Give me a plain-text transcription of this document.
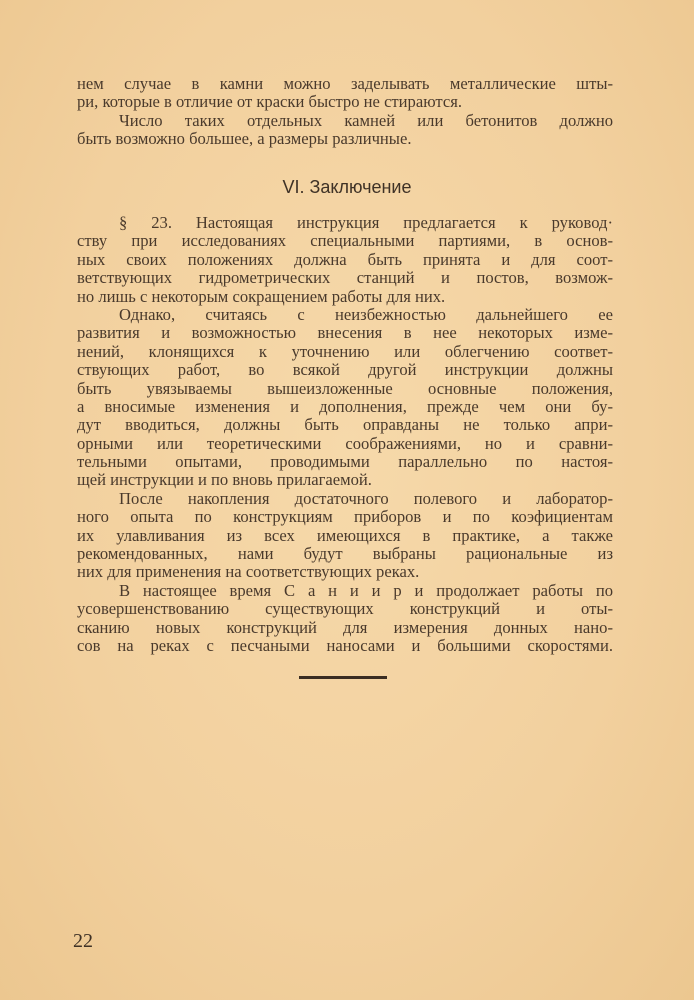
нем случае в камни можно заделывать металлические шты-
ри, которые в отличие от краски быстро не стираются.
Число таких отдельных камней или бетонитов должно
быть возможно большее, а размеры различные.
VI. Заключение
§ 23. Настоящая инструкция предлагается к руковод·
ству при исследованиях специальными партиями, в основ-
ных своих положениях должна быть принята и для соот-
ветствующих гидрометрических станций и постов, возмож-
но лишь с некоторым сокращением работы для них.
Однако, считаясь с неизбежностью дальнейшего ее
развития и возможностью внесения в нее некоторых изме-
нений, клонящихся к уточнению или облегчению соответ-
ствующих работ, во всякой другой инструкции должны
быть увязываемы вышеизложенные основные положения,
а вносимые изменения и дополнения, прежде чем они бу-
дут вводиться, должны быть оправданы не только апри-
орными или теоретическими соображениями, но и сравни-
тельными опытами, проводимыми параллельно по настоя-
щей инструкции и по вновь прилагаемой.
После накопления достаточного полевого и лаборатор-
ного опыта по конструкциям приборов и по коэфициентам
их улавливания из всех имеющихся в практике, а также
рекомендованных, нами будут выбраны рациональные из
них для применения на соответствующих реках.
В настоящее время С а н и и р и продолжает работы по
усовершенствованию существующих конструкций и оты-
сканию новых конструкций для измерения донных нано-
сов на реках с песчаными наносами и большими скоростями.
22
